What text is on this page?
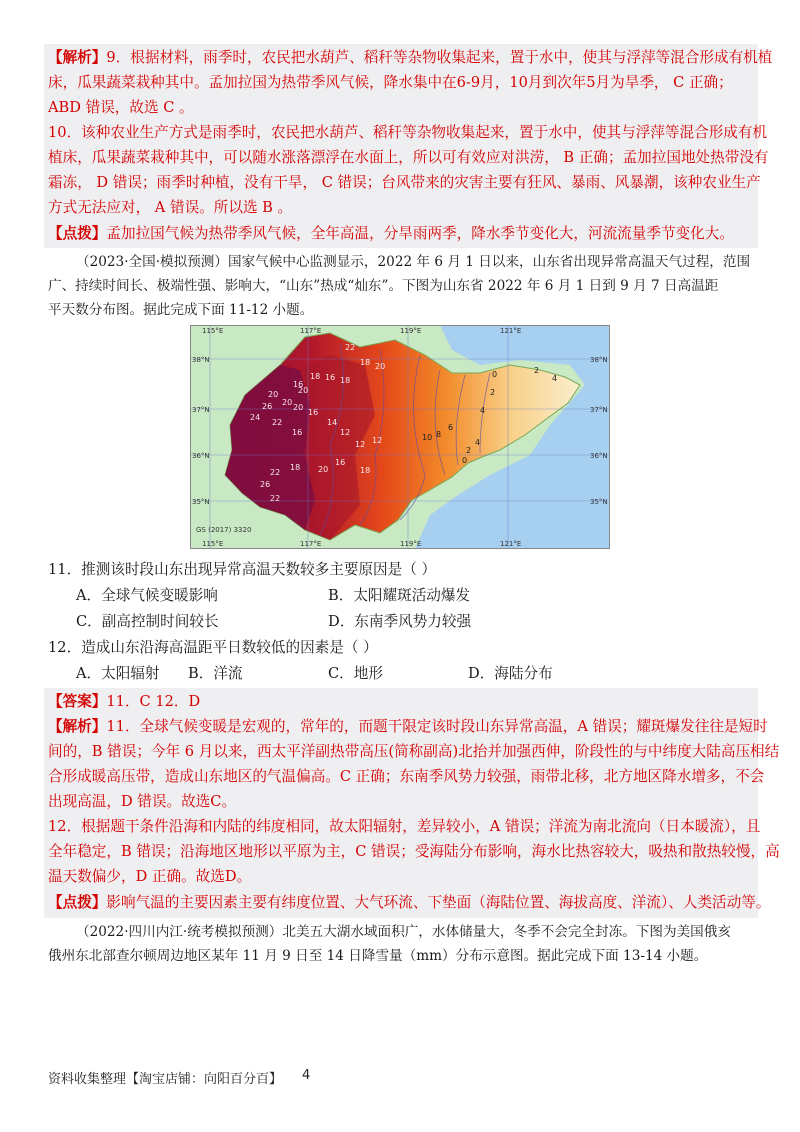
【解析】9．根据材料，雨季时，农民把水葫芦、稻秆等杂物收集起来，置于水中，使其与浮萍等混合形成有机植
床，瓜果蔬菜栽种其中。孟加拉国为热带季风气候，降水集中在6-9月，10月到次年5月为旱季， C 正确；
ABD 错误，故选 C 。
10．该种农业生产方式是雨季时，农民把水葫芦、稻秆等杂物收集起来，置于水中，使其与浮萍等混合形成有机
植床，瓜果蔬菜栽种其中，可以随水涨落漂浮在水面上，所以可有效应对洪涝， B 正确；孟加拉国地处热带没有
霜冻， D 错误；雨季时种植，没有干旱， C 错误；台风带来的灾害主要有狂风、暴雨、风暴潮，该种农业生产
方式无法应对， A 错误。所以选 B 。
【点拨】孟加拉国气候为热带季风气候，全年高温，分旱雨两季，降水季节变化大，河流流量季节变化大。
（2023·全国·模拟预测）国家气候中心监测显示，2022 年 6 月 1 日以来，山东省出现异常高温天气过程，范围
广、持续时间长、极端性强、影响大，“山东”热成“灿东”。下图为山东省 2022 年 6 月 1 日到 9 月 7 日高温距
平天数分布图。据此完成下面 11-12 小题。
115°E	117°E	119°E	121°E
115°E	117°E	119°E	121°E
38°N
37°N
36°N
35°N
38°N
37°N
36°N
35°N
GS (2017) 3320
22
18 20
18
16
18 16
20
20
20
26	20
16
14
12
16
24
22
12 12
16
18
10 8
6
4
2
0	2
4
22
26
22
18 20
4
2
0
11．推测该时段山东出现异常高温天数较多主要原因是（ ）
A．全球气候变暖影响	B．太阳耀斑活动爆发
C．副高控制时间较长	D．东南季风势力较强
12．造成山东沿海高温距平日数较低的因素是（ ）
A．太阳辐射 B．洋流	C．地形	D．海陆分布
【答案】11．C 12．D
【解析】11．全球气候变暖是宏观的，常年的，而题干限定该时段山东异常高温，A 错误；耀斑爆发往往是短时
间的，B 错误；今年 6 月以来，西太平洋副热带高压(简称副高)北抬并加强西伸，阶段性的与中纬度大陆高压相结
合形成暖高压带，造成山东地区的气温偏高。C 正确；东南季风势力较强，雨带北移，北方地区降水增多，不会
出现高温，D 错误。故选C。
12．根据题干条件沿海和内陆的纬度相同，故太阳辐射，差异较小，A 错误；洋流为南北流向（日本暖流），且
全年稳定，B 错误；沿海地区地形以平原为主，C 错误；受海陆分布影响，海水比热容较大，吸热和散热较慢，高
温天数偏少，D 正确。故选D。
【点拨】影响气温的主要因素主要有纬度位置、大气环流、下垫面（海陆位置、海拔高度、洋流）、人类活动等。
（2022·四川内江·统考模拟预测）北美五大湖水域面积广，水体储量大，冬季不会完全封冻。下图为美国俄亥
俄州东北部查尔顿周边地区某年 11 月 9 日至 14 日降雪量（mm）分布示意图。据此完成下面 13-14 小题。
资料收集整理【淘宝店铺：向阳百分百】 4
